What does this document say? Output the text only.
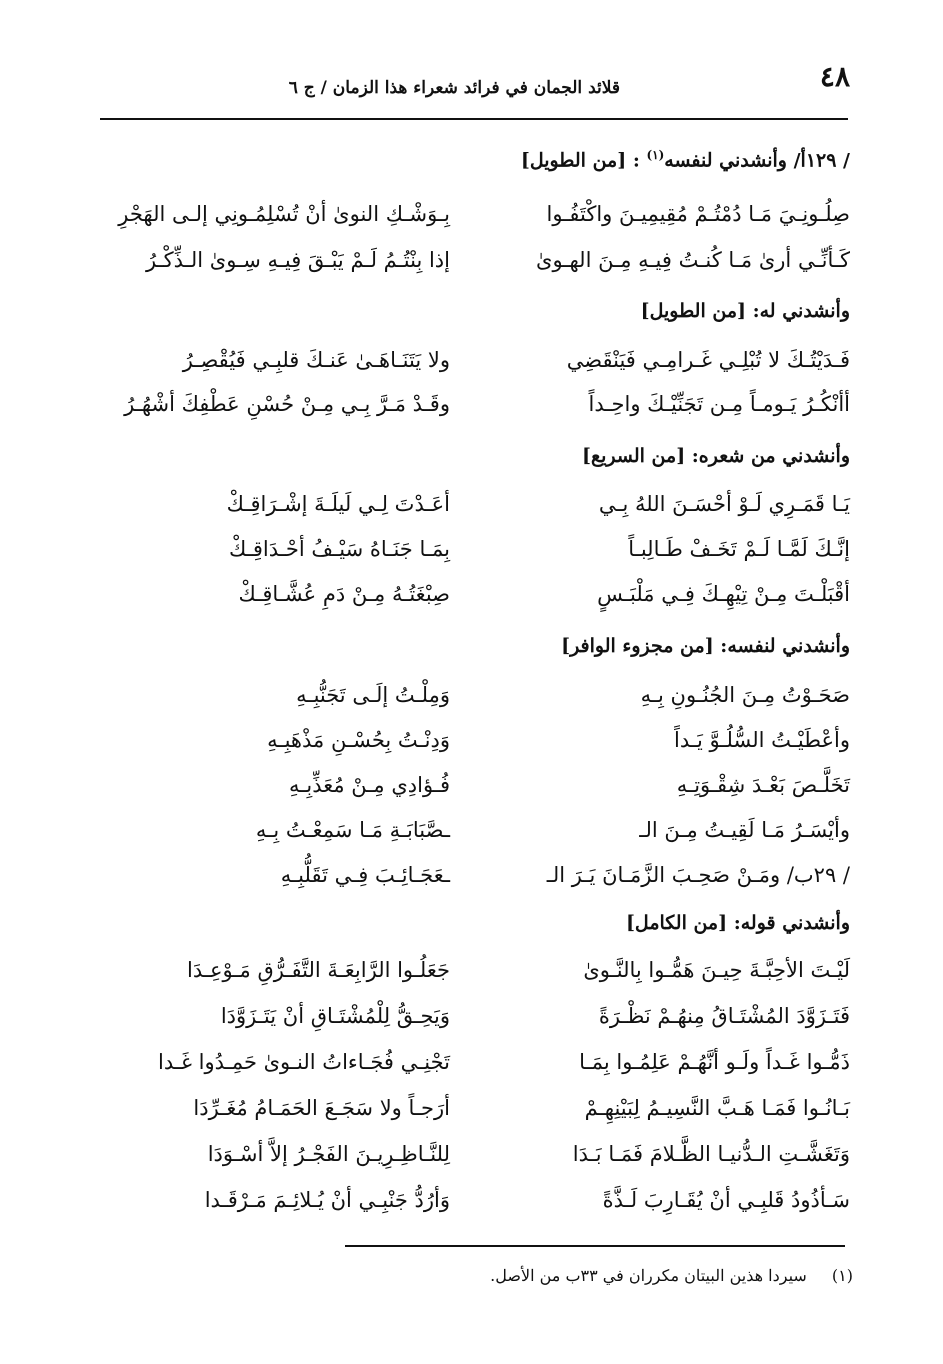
٤٨
قلائد الجمان في فرائد شعراء هذا الزمان / ج ٦
/ ١٢٩أ/ وأنشدني لنفسه$^{(١)}$ : [من الطويل]
صِلُـونِـيَ مَـا دُمْتُـمْ مُقِيمِيـنَ واكْتَفُـوا
بِـوَشْـكِ النوىٰ أنْ تُسْلِمُـونِي إلـى الهَجْرِ
كَـأنِّـي أرىٰ مَـا كُنـتُ فِيـهِ مِـنَ الهـوىٰ
إذا بِنْتُـمُ لَـمْ يَبْـقَ فِيـهِ سِـوىٰ الـذِّكْـرُ
وأنشدني له: [من الطويل]
فَـدَيْتُـكَ لا تُبْلِـي غَـرامِـي فَيَنْقَضِي
ولا يَتَنَـاهَـىٰ عَنـكَ قلبِـي فَيُقْصِـرُ
أأنْكُـرُ يَـومـاً مِـن تَجَنِّيْـكَ واحِـداً
وقَـدْ مَـرَّ بِـي مِـنْ حُسْنِ عَطْفِكَ أشْهُـرُ
وأنشدني من شعره: [من السريع]
يَـا قَمَـرِي لَـوْ أحْسَـنَ اللهُ بِـي
أعَـدْتَ لِـي لَيلَـةَ إشْـرَاقِـكْ
إنَّـكَ لَمَّـا لَـمْ تَخَـفْ طَـالِبـاً
بِمَـا جَنَـاهُ سَيْـفُ أحْـدَاقِـكْ
أقْبَلْـتَ مِـنْ تِيْهِـكَ فِـي مَلْبَـسٍ
صِبْغَتُـهُ مِـنْ دَمِ عُشَّـاقِـكْ
وأنشدني لنفسه: [من مجزوء الوافر]
صَحَـوْتُ مِـنَ الجُنُـونِ بِـهِ
وَمِلْـتُ إلَـى تَجَنُّبِـهِ
وأعْطَيْـتُ السُّلُـوَّ يَـداً
وَدِنْـتُ بِحُسْـنِ مَذْهَبِـهِ
تَخَلَّـصَ بَعْـدَ شِقْـوَتِـهِ
فُـؤادِي مِـنْ مُعَذِّبِـهِ
وأيْسَـرُ مَـا لَقِيـتُ مِـنَ الـ
ـصَّبَابَـةِ مَـا سَمِعْـتُ بِـهِ
/ ٢٩ب/ ومَـنْ صَحِـبَ الزَّمَـانَ يَـرَ الـ
ـعَجَـائِـبَ فِـي تَقَلُّبِـهِ
وأنشدني قوله: [من الكامل]
لَيْـتَ الأحِبَّـةَ حِيـنَ هَمُّـوا بِالنَّـوىٰ
جَعَلُـوا الرَّابِعَـةَ التَّفَـرُّقِ مَـوْعِـدَا
فَتَـزَوَّدَ المُشْتَـاقُ مِنهُـمْ نَظْـرَةً
وَيَحِـقُّ لِلْمُشْتَـاقِ أنْ يَتَـزَوَّدَا
ذَمُّـوا غَـداً ولَـو أنَّهُـمْ عَلِمُـوا بِمَـا
تَجْنِـي فُجَـاءاتُ النـوىٰ حَمِـدُوا غَـدا
بَـانُـوا فَمَـا هَـبَّ النَّسِيـمُ لِبَيْنِهِـمْ
أرَجـاً ولا سَجَـعَ الحَمَـامُ مُغَـرِّدَا
وَتَغَشَّـتِ الـدُّنيـا الظَّـلامَ فَمَـا بَـدَا
لِلنَّـاظِـرِيـنَ الفَجْـرُ إلاَّ أسْـوَدَا
سَـأذُودُ قَلبِـي أنْ يُقَـارِبَ لَـذَّةً
وَأرُدُّ جَنْبِـي أنْ يُـلائِـمَ مَـرْقَـدا
(١) سيردا هذين البيتان مكرران في ٣٣ب من الأصل.
